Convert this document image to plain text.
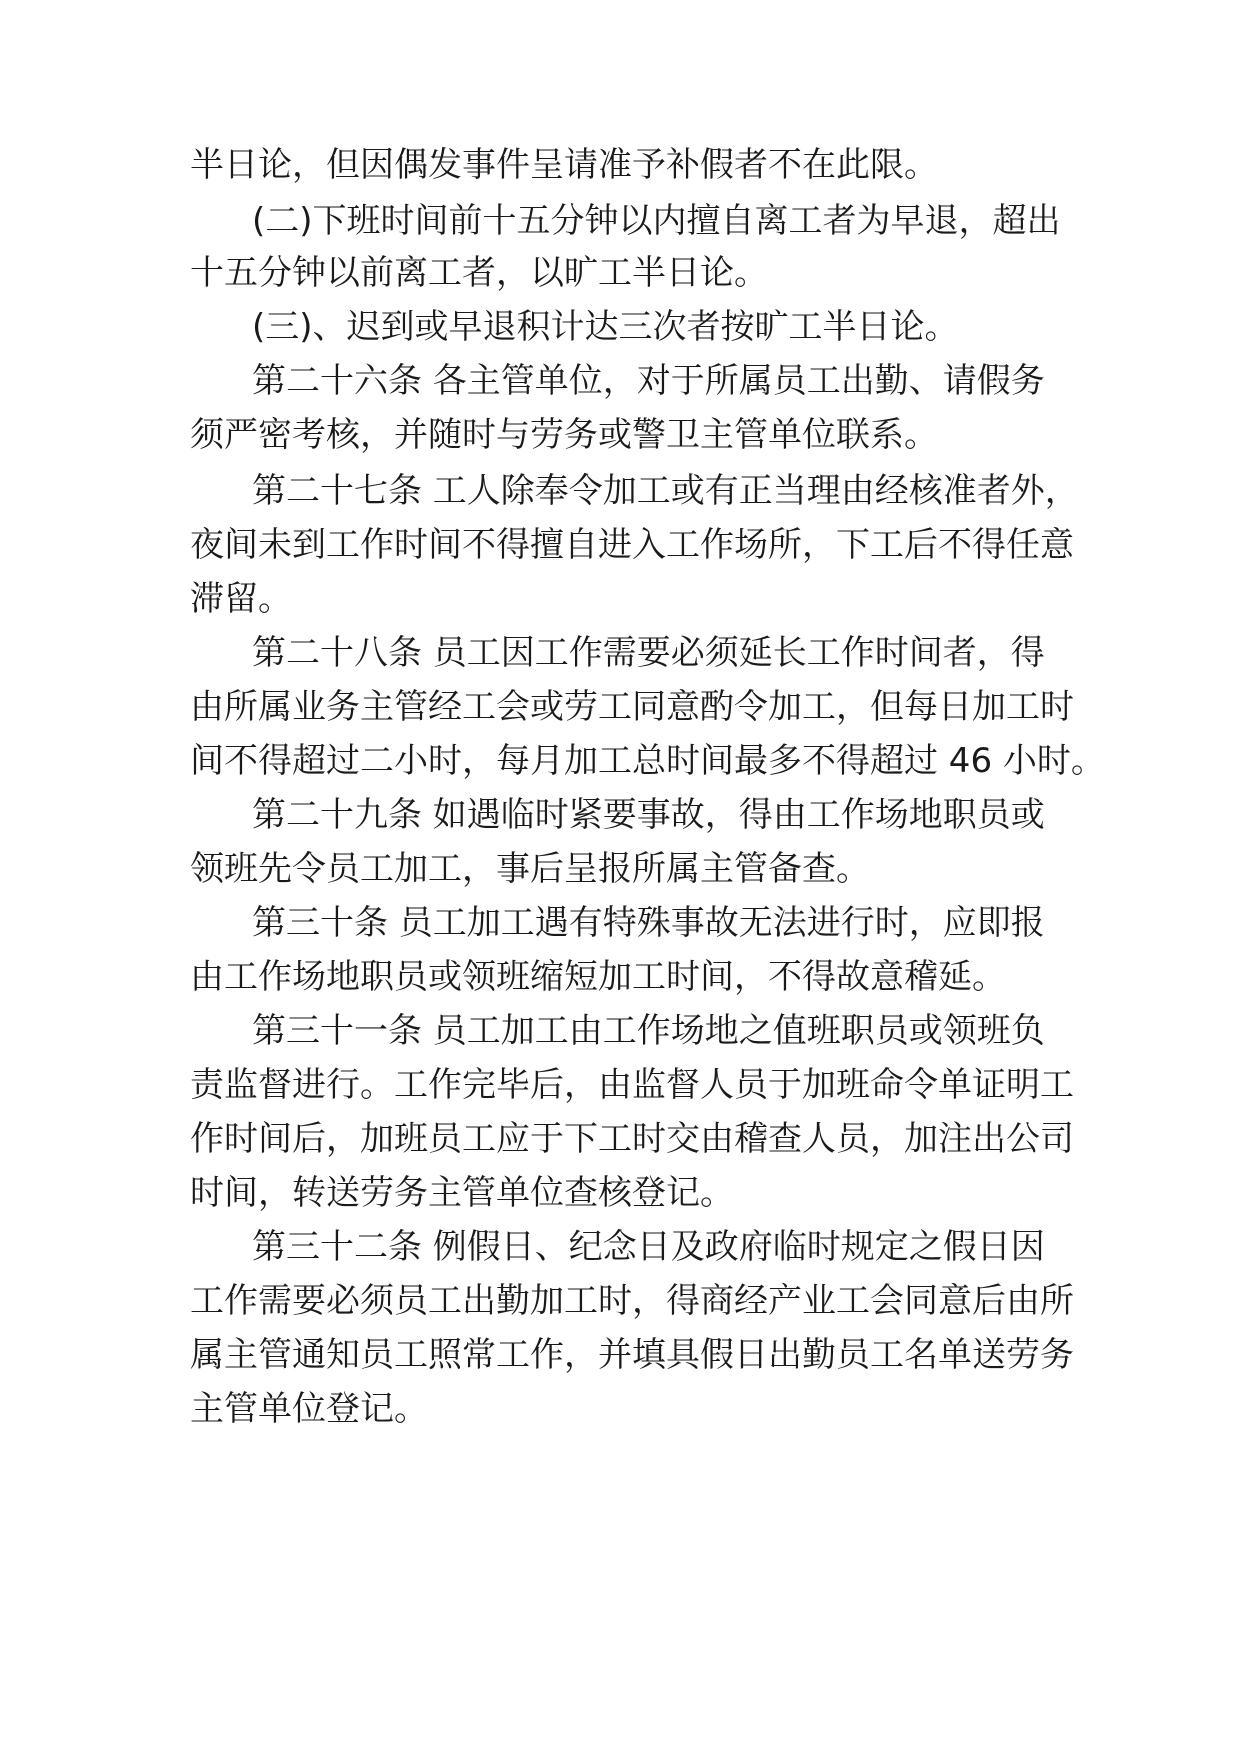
半日论，但因偶发事件呈请准予补假者不在此限。
(二)下班时间前十五分钟以内擅自离工者为早退，超出
十五分钟以前离工者，以旷工半日论。
(三)、迟到或早退积计达三次者按旷工半日论。
第二十六条 各主管单位，对于所属员工出勤、请假务
须严密考核，并随时与劳务或警卫主管单位联系。
第二十七条 工人除奉令加工或有正当理由经核准者外，
夜间未到工作时间不得擅自进入工作场所，下工后不得任意
滞留。
第二十八条 员工因工作需要必须延长工作时间者，得
由所属业务主管经工会或劳工同意酌令加工，但每日加工时
间不得超过二小时，每月加工总时间最多不得超过 46 小时。
第二十九条 如遇临时紧要事故，得由工作场地职员或
领班先令员工加工，事后呈报所属主管备查。
第三十条 员工加工遇有特殊事故无法进行时，应即报
由工作场地职员或领班缩短加工时间，不得故意稽延。
第三十一条 员工加工由工作场地之值班职员或领班负
责监督进行。工作完毕后，由监督人员于加班命令单证明工
作时间后，加班员工应于下工时交由稽查人员，加注出公司
时间，转送劳务主管单位查核登记。
第三十二条 例假日、纪念日及政府临时规定之假日因
工作需要必须员工出勤加工时，得商经产业工会同意后由所
属主管通知员工照常工作，并填具假日出勤员工名单送劳务
主管单位登记。
